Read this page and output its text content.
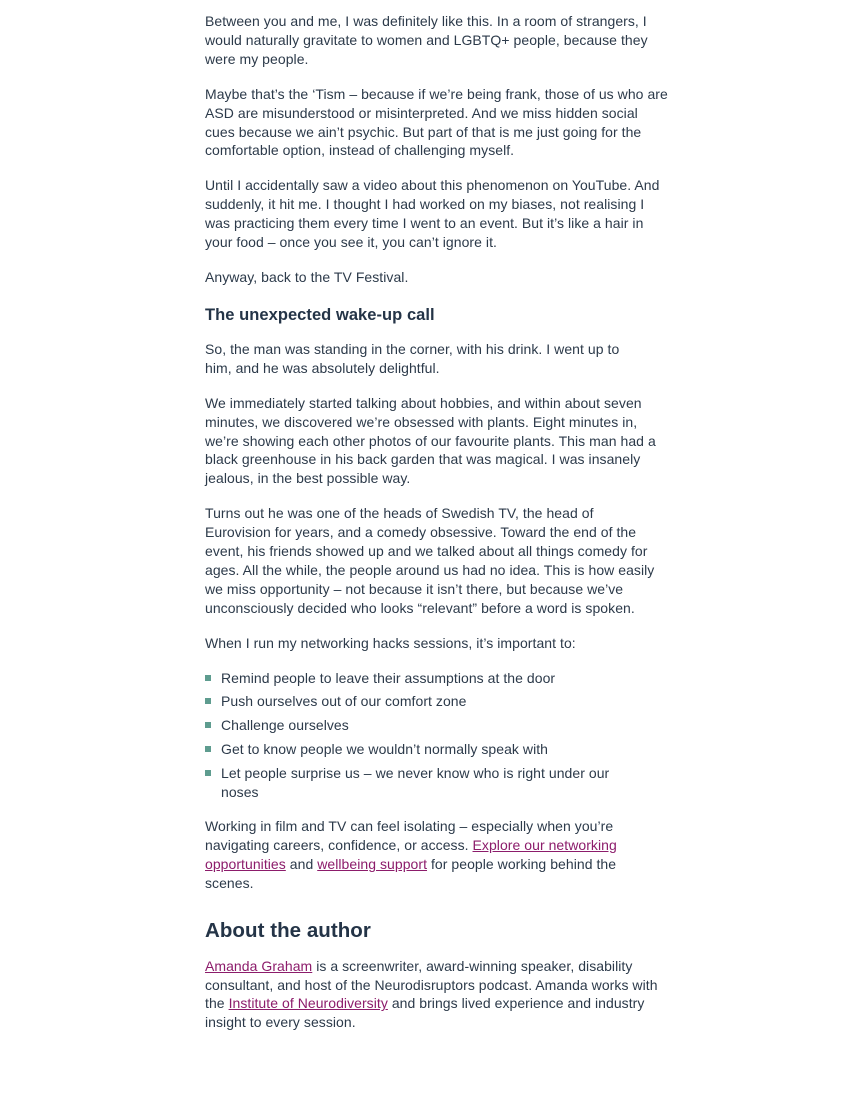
Between you and me, I was definitely like this. In a room of strangers, I would naturally gravitate to women and LGBTQ+ people, because they were my people.

Maybe that’s the ‘Tism – because if we’re being frank, those of us who are ASD are misunderstood or misinterpreted. And we miss hidden social cues because we ain’t psychic. But part of that is me just going for the comfortable option, instead of challenging myself.

Until I accidentally saw a video about this phenomenon on YouTube. And suddenly, it hit me. I thought I had worked on my biases, not realising I was practicing them every time I went to an event. But it’s like a hair in your food – once you see it, you can’t ignore it.

Anyway, back to the TV Festival.

The unexpected wake-up call

So, the man was standing in the corner, with his drink. I went up to him, and he was absolutely delightful.

We immediately started talking about hobbies, and within about seven minutes, we discovered we’re obsessed with plants. Eight minutes in, we’re showing each other photos of our favourite plants. This man had a black greenhouse in his back garden that was magical. I was insanely jealous, in the best possible way.

Turns out he was one of the heads of Swedish TV, the head of Eurovision for years, and a comedy obsessive. Toward the end of the event, his friends showed up and we talked about all things comedy for ages. All the while, the people around us had no idea. This is how easily we miss opportunity – not because it isn’t there, but because we’ve unconsciously decided who looks “relevant” before a word is spoken.

When I run my networking hacks sessions, it’s important to:

Remind people to leave their assumptions at the door
Push ourselves out of our comfort zone
Challenge ourselves
Get to know people we wouldn’t normally speak with
Let people surprise us – we never know who is right under our noses

Working in film and TV can feel isolating – especially when you’re navigating careers, confidence, or access. Explore our networking opportunities and wellbeing support for people working behind the scenes.

About the author

Amanda Graham is a screenwriter, award-winning speaker, disability consultant, and host of the Neurodisruptors podcast. Amanda works with the Institute of Neurodiversity and brings lived experience and industry insight to every session.
